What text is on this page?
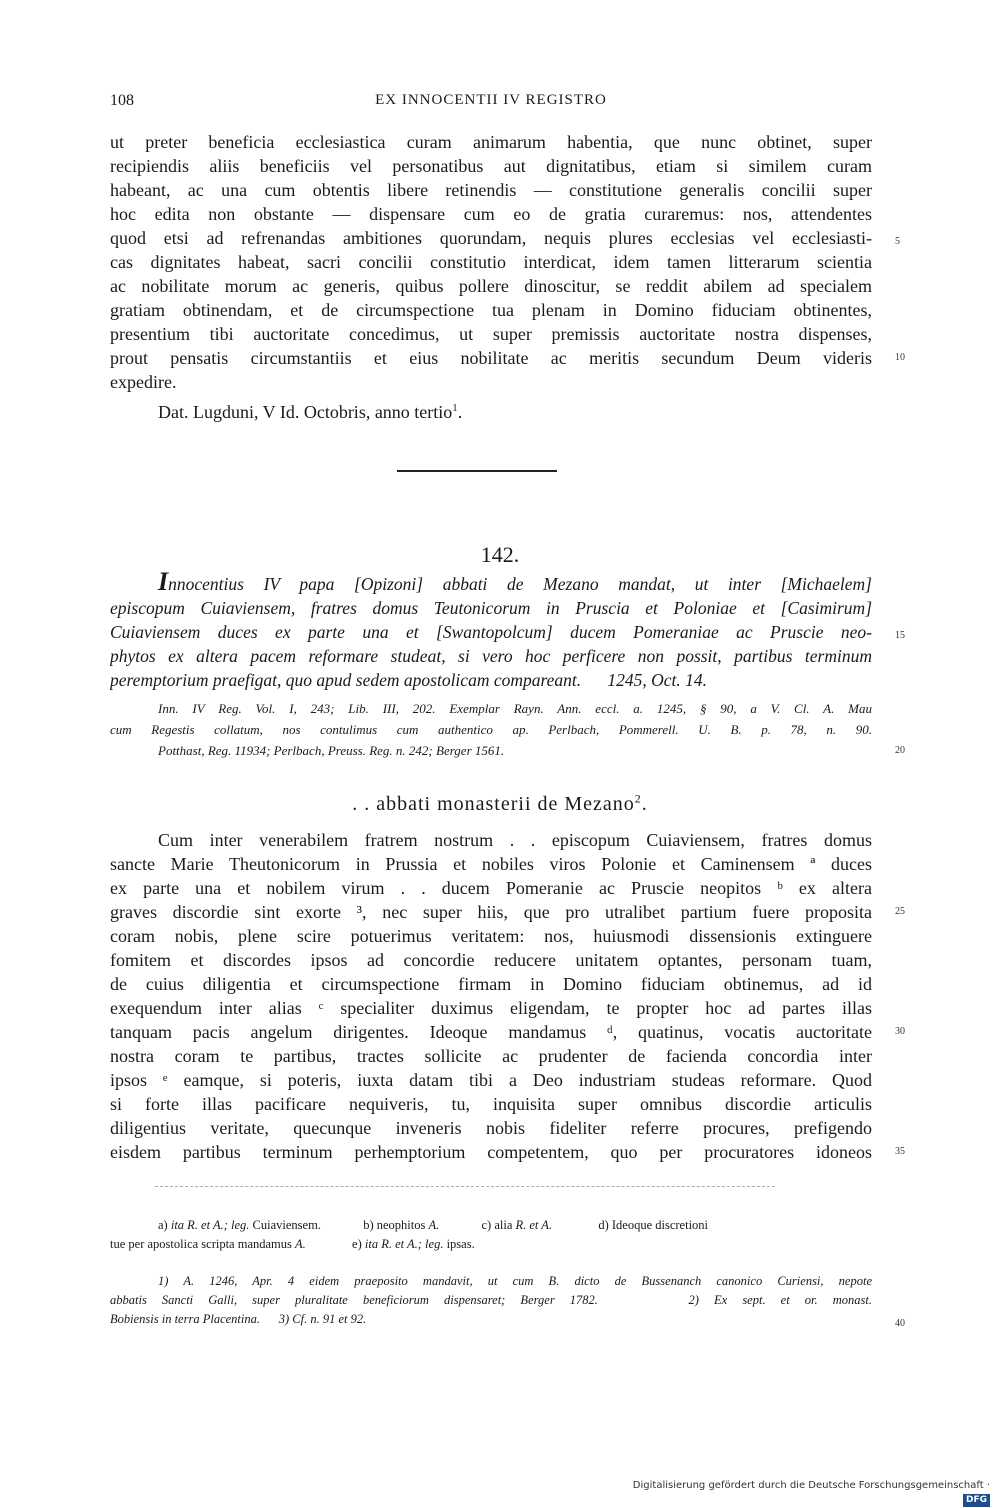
108	EX INNOCENTII IV REGISTRO
ut preter beneficia ecclesiastica curam animarum habentia, que nunc obtinet, super
recipiendis aliis beneficiis vel personatibus aut dignitatibus, etiam si similem curam
habeant, ac una cum obtentis libere retinendis — constitutione generalis concilii super
hoc edita non obstante — dispensare cum eo de gratia curaremus: nos, attendentes
quod etsi ad refrenandas ambitiones quorundam, nequis plures ecclesias vel ecclesiasti-
cas dignitates habeat, sacri concilii constitutio interdicat, idem tamen litterarum scientia
ac nobilitate morum ac generis, quibus pollere dinoscitur, se reddit abilem ad specialem
gratiam obtinendam, et de circumspectione tua plenam in Domino fiduciam obtinentes,
presentium tibi auctoritate concedimus, ut super premissis auctoritate nostra dispenses,
prout pensatis circumstantiis et eius nobilitate ac meritis secundum Deum videris
expedire.
Dat. Lugduni, V Id. Octobris, anno tertio$^1$.
142.
Innocentius IV papa [Opizoni] abbati de Mezano mandat, ut inter [Michaelem]
episcopum Cuiaviensem, fratres domus Teutonicorum in Pruscia et Poloniae et [Casimirum]
Cuiaviensem duces ex parte una et [Swantopolcum] ducem Pomeraniae ac Pruscie neo-
phytos ex altera pacem reformare studeat, si vero hoc perficere non possit, partibus terminum
peremptorium praefigat, quo apud sedem apostolicam compareant.      1245, Oct. 14.
Inn. IV Reg. Vol. I, 243; Lib. III, 202. Exemplar Rayn. Ann. eccl. a. 1245, § 90, a V. Cl. A. Mau
cum Regestis collatum, nos contulimus cum authentico ap. Perlbach, Pommerell. U. B. p. 78, n. 90.
Potthast, Reg. 11934; Perlbach, Preuss. Reg. n. 242; Berger 1561.
. . abbati monasterii de Mezano$^2$.
Cum inter venerabilem fratrem nostrum . . episcopum Cuiaviensem, fratres domus
sancte Marie Theutonicorum in Prussia et nobiles viros Polonie et Caminensem ª duces
ex parte una et nobilem virum . . ducem Pomeranie ac Pruscie neopitos ᵇ ex altera
graves discordie sint exorte ³, nec super hiis, que pro utralibet partium fuere proposita
coram nobis, plene scire potuerimus veritatem: nos, huiusmodi dissensionis extinguere
fomitem et discordes ipsos ad concordie reducere unitatem optantes, personam tuam,
de cuius diligentia et circumspectione firmam in Domino fiduciam obtinemus, ad id
exequendum inter alias ᶜ specialiter duximus eligendam, te propter hoc ad partes illas
tanquam pacis angelum dirigentes. Ideoque mandamus ᵈ, quatinus, vocatis auctoritate
nostra coram te partibus, tractes sollicite ac prudenter de facienda concordia inter
ipsos ᵉ eamque, si poteris, iuxta datam tibi a Deo industriam studeas reformare. Quod
si forte illas pacificare nequiveris, tu, inquisita super omnibus discordie articulis
diligentius veritate, quecunque inveneris nobis fideliter referre procures, prefigendo
eisdem partibus terminum perhemptorium competentem, quo per procuratores idoneos
5
10
15
20
25
30
35
40
a) ita R. et A.; leg. Cuiaviensem.	b) neophitos A.	c) alia R. et A.	d) Ideoque discretioni
tue per apostolica scripta mandamus A.	e) ita R. et A.; leg. ipsas.
1) A. 1246, Apr. 4 eidem praeposito mandavit, ut cum B. dicto de Bussenanch canonico Curiensi, nepote
abbatis Sancti Galli, super pluralitate beneficiorum dispensaret; Berger 1782.      2) Ex sept. et or. monast.
Bobiensis in terra Placentina.      3) Cf. n. 91 et 92.
Digitalisierung gefördert durch die Deutsche Forschungsgemeinschaft ·DFG
